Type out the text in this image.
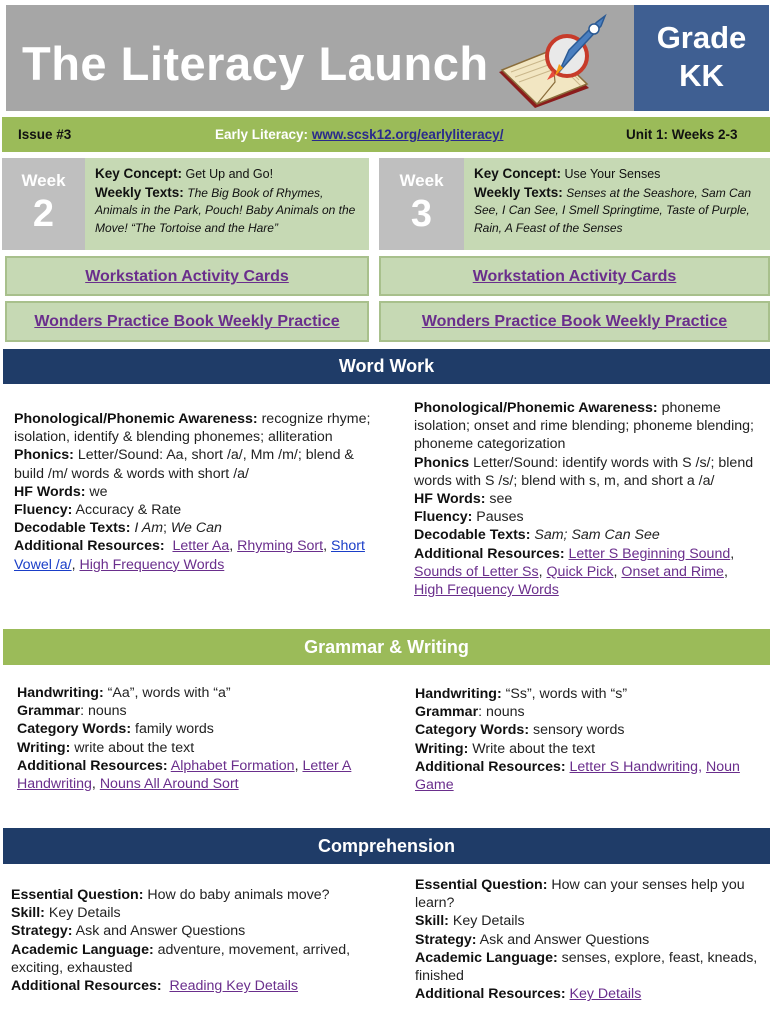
The Literacy Launch	Grade
KK
Issue #3	Early Literacy: www.scsk12.org/earlyliteracy/	Unit 1: Weeks 2-3
Week
2
Key Concept: Get Up and Go!
Weekly Texts: The Big Book of Rhymes, Animals in the Park, Pouch! Baby Animals on the Move! “The Tortoise and the Hare”
Week
3
Key Concept: Use Your Senses
Weekly Texts: Senses at the Seashore, Sam Can See, I Can See, I Smell Springtime, Taste of Purple, Rain, A Feast of the Senses
Workstation Activity Cards	Workstation Activity Cards
Wonders Practice Book Weekly Practice	Wonders Practice Book Weekly Practice
Word Work
Phonological/Phonemic Awareness: recognize rhyme; isolation, identify & blending phonemes; alliteration
Phonics: Letter/Sound: Aa, short /a/, Mm /m/; blend & build /m/ words & words with short /a/
HF Words: we
Fluency: Accuracy & Rate
Decodable Texts: I Am; We Can
Additional Resources: Letter Aa, Rhyming Sort, Short Vowel /a/, High Frequency Words
Phonological/Phonemic Awareness: phoneme isolation; onset and rime blending; phoneme blending; phoneme categorization
Phonics Letter/Sound: identify words with S /s/; blend words with S /s/; blend with s, m, and short a /a/
HF Words: see
Fluency: Pauses
Decodable Texts: Sam; Sam Can See
Additional Resources: Letter S Beginning Sound, Sounds of Letter Ss, Quick Pick, Onset and Rime, High Frequency Words
Grammar & Writing
Handwriting: “Aa”, words with “a”
Grammar: nouns
Category Words: family words
Writing: write about the text
Additional Resources: Alphabet Formation, Letter A Handwriting, Nouns All Around Sort
Handwriting: “Ss”, words with “s”
Grammar: nouns
Category Words: sensory words
Writing: Write about the text
Additional Resources: Letter S Handwriting, Noun Game
Comprehension
Essential Question: How do baby animals move?
Skill: Key Details
Strategy: Ask and Answer Questions
Academic Language: adventure, movement, arrived, exciting, exhausted
Additional Resources: Reading Key Details
Essential Question: How can your senses help you learn?
Skill: Key Details
Strategy: Ask and Answer Questions
Academic Language: senses, explore, feast, kneads, finished
Additional Resources: Key Details
